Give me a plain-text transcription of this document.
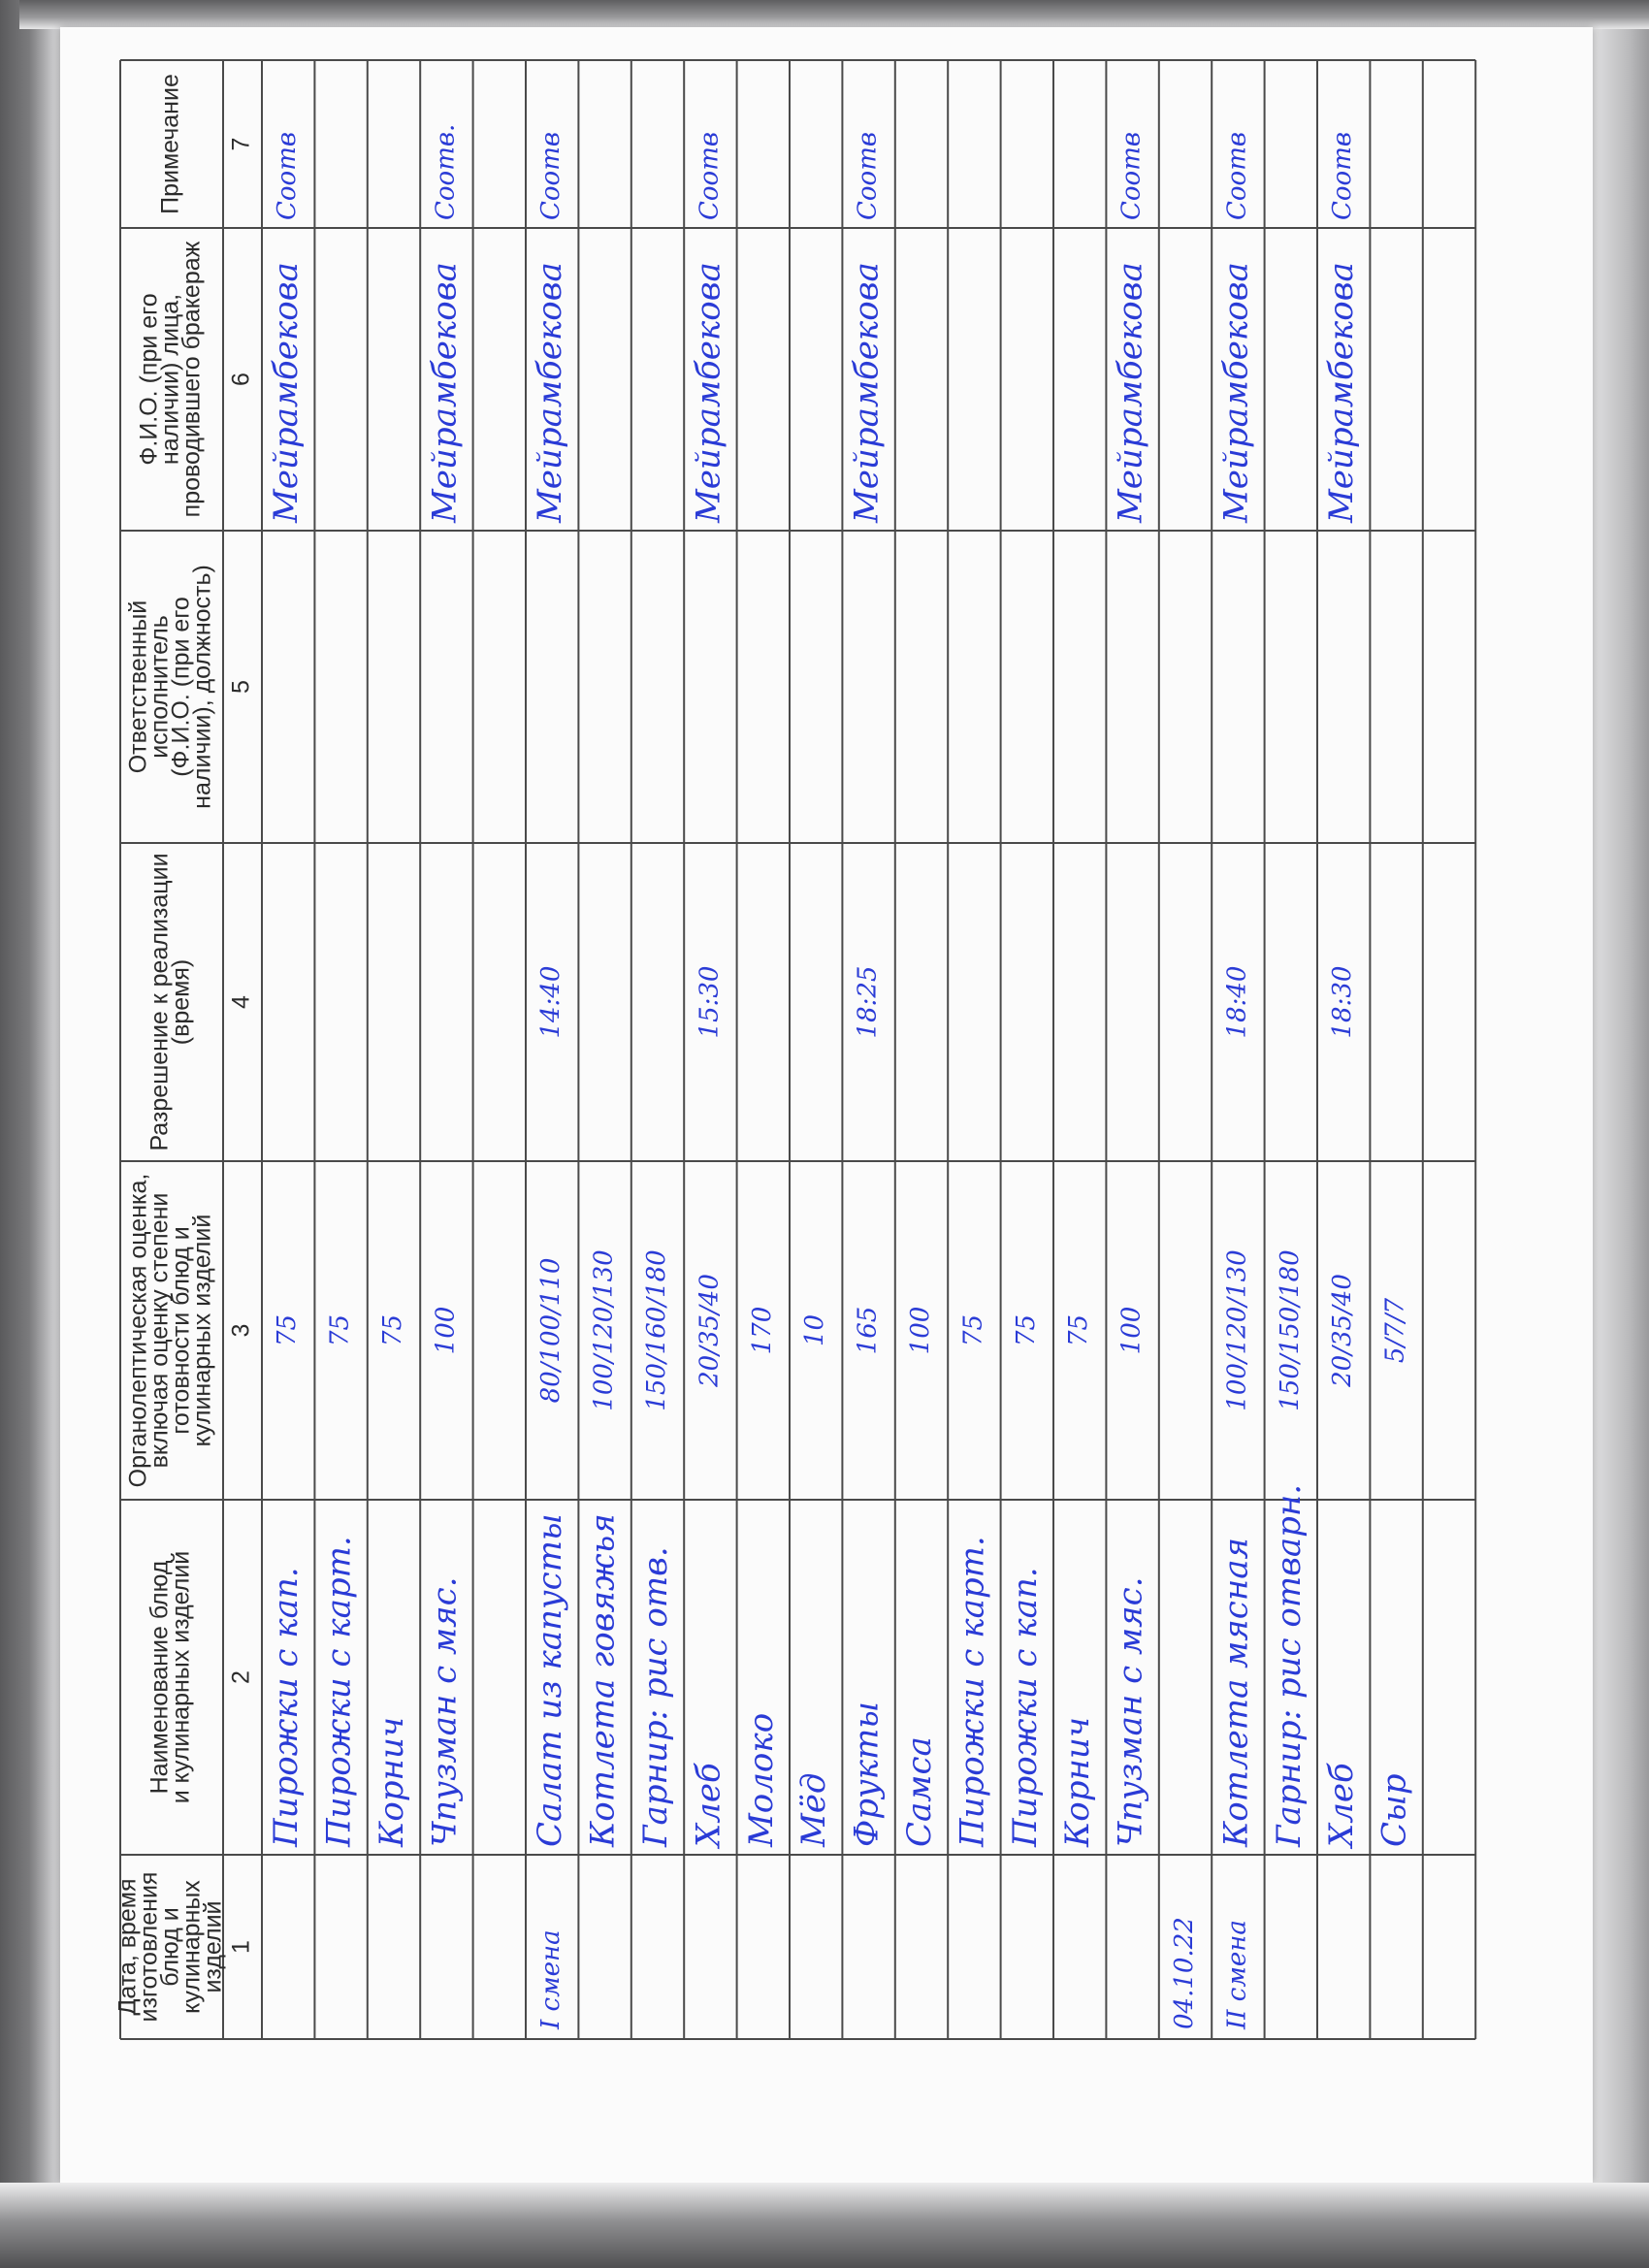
Дата, время
изготовления
блюд и
кулинарных
изделий 1
Наименование блюд
и кулинарных изделий 2
Органолептическая оценка,
включая оценку степени
готовности блюд и
кулинарных изделий 3
Разрешение к реализации
(время) 4
Ответственный
исполнитель
(Ф.И.О. (при его
наличии), должность) 5
Ф.И.О. (при его
наличии) лица,
проводившего бракераж 6
Примечание 7
Пирожки с кап.
75
Мейрамбекова
Соотв
Пирожки с карт.
75
Корнич
75
Чпузман с мяс.
100
Мейрамбекова
Соотв.
I смена
Салат из капусты
80/100/110
14:40
Мейрамбекова
Соотв
Котлета говяжья
100/120/130
Гарнир: рис отв.
150/160/180
Хлеб
20/35/40
15:30
Мейрамбекова
Соотв
Молоко
170
Мёд
10
Фрукты
165
18:25
Мейрамбекова
Соотв
Самса
100
Пирожки с карт.
75
Пирожки с кап.
75
Корнич
75
Чпузман с мяс.
100
Мейрамбекова
Соотв
04.10.22 II смена
Котлета мясная
100/120/130
18:40
Мейрамбекова
Соотв
Гарнир: рис отварн.
150/150/180
Хлеб
20/35/40
18:30
Мейрамбекова
Соотв
Сыр
5/7/7
